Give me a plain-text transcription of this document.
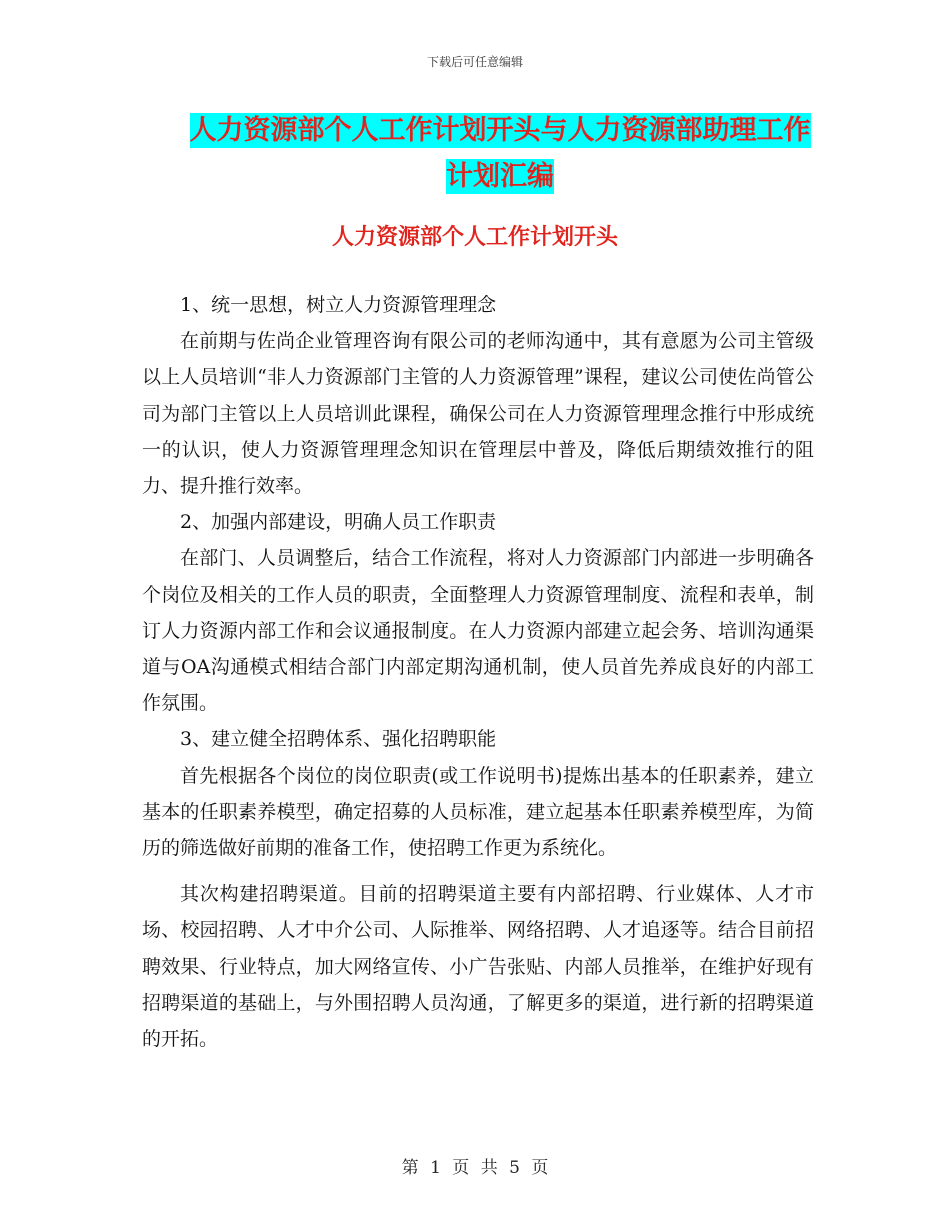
下载后可任意编辑
人力资源部个人工作计划开头与人力资源部助理工作
计划汇编
人力资源部个人工作计划开头

1、统一思想，树立人力资源管理理念

在前期与佐尚企业管理咨询有限公司的老师沟通中，其有意愿为公司主管级以上人员培训“非人力资源部门主管的人力资源管理”课程，建议公司使佐尚管公司为部门主管以上人员培训此课程，确保公司在人力资源管理理念推行中形成统一的认识，使人力资源管理理念知识在管理层中普及，降低后期绩效推行的阻力、提升推行效率。

2、加强内部建设，明确人员工作职责

在部门、人员调整后，结合工作流程，将对人力资源部门内部进一步明确各个岗位及相关的工作人员的职责，全面整理人力资源管理制度、流程和表单，制订人力资源内部工作和会议通报制度。在人力资源内部建立起会务、培训沟通渠道与OA沟通模式相结合部门内部定期沟通机制，使人员首先养成良好的内部工作氛围。

3、建立健全招聘体系、强化招聘职能

首先根据各个岗位的岗位职责(或工作说明书)提炼出基本的任职素养，建立基本的任职素养模型，确定招募的人员标准，建立起基本任职素养模型库，为简历的筛选做好前期的准备工作，使招聘工作更为系统化。

其次构建招聘渠道。目前的招聘渠道主要有内部招聘、行业媒体、人才市场、校园招聘、人才中介公司、人际推举、网络招聘、人才追逐等。结合目前招聘效果、行业特点，加大网络宣传、小广告张贴、内部人员推举，在维护好现有招聘渠道的基础上，与外围招聘人员沟通，了解更多的渠道，进行新的招聘渠道的开拓。

第 1 页 共 5 页
